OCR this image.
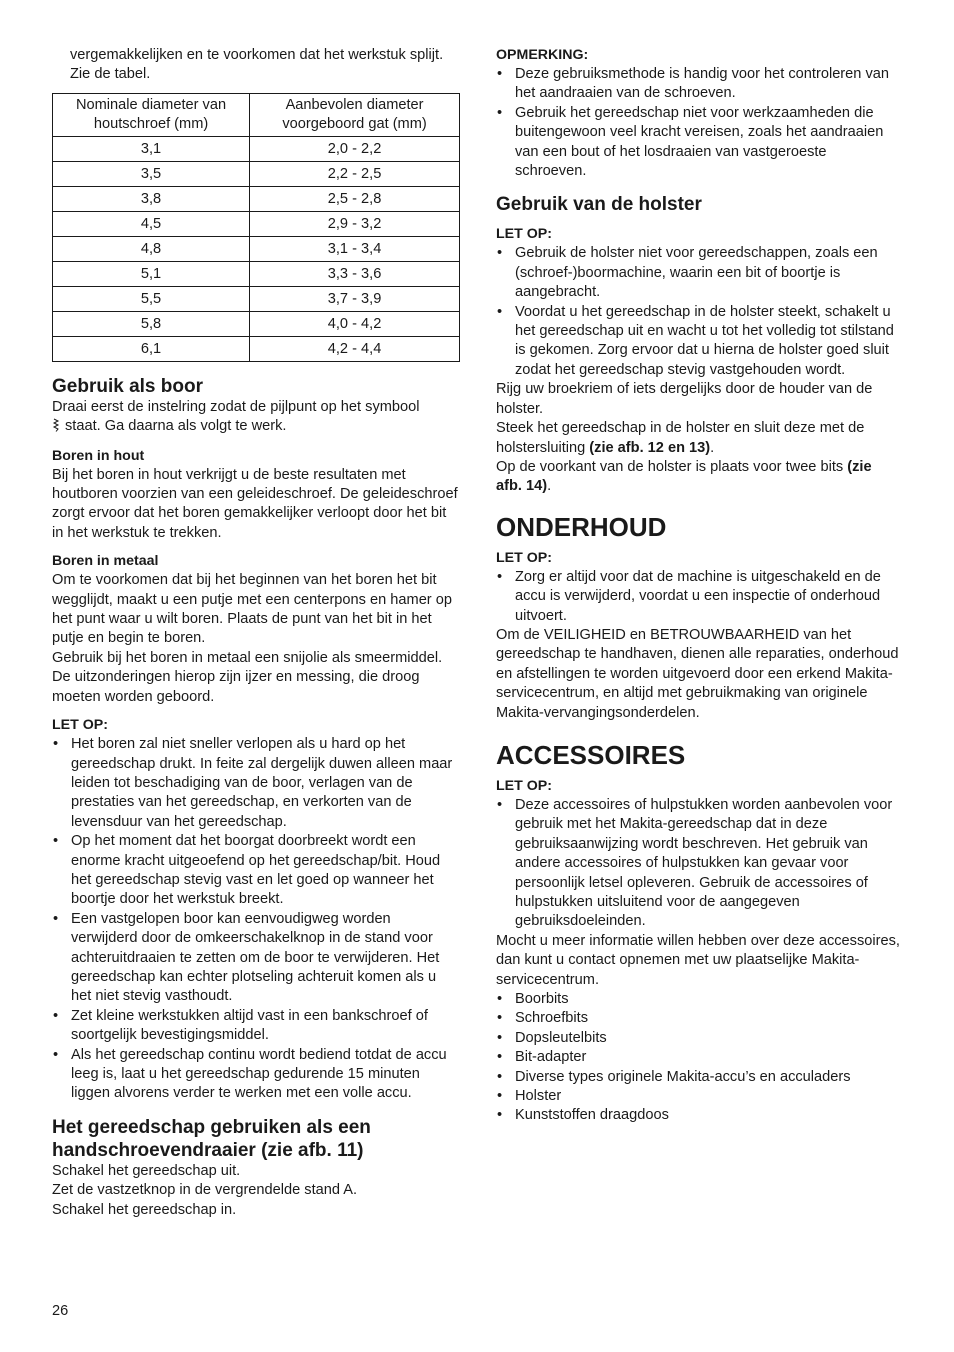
vergemakkelijken en te voorkomen dat het werkstuk splijt. Zie de tabel.

Nominale diameter van houtschroef (mm)	Aanbevolen diameter voorgeboord gat (mm)
3,1	2,0 - 2,2
3,5	2,2 - 2,5
3,8	2,5 - 2,8
4,5	2,9 - 3,2
4,8	3,1 - 3,4
5,1	3,3 - 3,6
5,5	3,7 - 3,9
5,8	4,0 - 4,2
6,1	4,2 - 4,4
Gebruik als boor

Draai eerst de instelring zodat de pijlpunt op het symbool
staat. Ga daarna als volgt te werk.

Boren in hout

Bij het boren in hout verkrijgt u de beste resultaten met houtboren voorzien van een geleideschroef. De geleideschroef zorgt ervoor dat het boren gemakkelijker verloopt door het bit in het werkstuk te trekken.

Boren in metaal

Om te voorkomen dat bij het beginnen van het boren het bit wegglijdt, maakt u een putje met een centerpons en hamer op het punt waar u wilt boren. Plaats de punt van het bit in het putje en begin te boren.

Gebruik bij het boren in metaal een snijolie als smeermiddel. De uitzonderingen hierop zijn ijzer en messing, die droog moeten worden geboord.

LET OP:
• Het boren zal niet sneller verlopen als u hard op het gereedschap drukt. In feite zal dergelijk duwen alleen maar leiden tot beschadiging van de boor, verlagen van de prestaties van het gereedschap, en verkorten van de levensduur van het gereedschap.
• Op het moment dat het boorgat doorbreekt wordt een enorme kracht uitgeoefend op het gereedschap/bit. Houd het gereedschap stevig vast en let goed op wanneer het boortje door het werkstuk breekt.
• Een vastgelopen boor kan eenvoudigweg worden verwijderd door de omkeerschakelknop in de stand voor achteruitdraaien te zetten om de boor te verwijderen. Het gereedschap kan echter plotseling achteruit komen als u het niet stevig vasthoudt.
• Zet kleine werkstukken altijd vast in een bankschroef of soortgelijk bevestigingsmiddel.
• Als het gereedschap continu wordt bediend totdat de accu leeg is, laat u het gereedschap gedurende 15 minuten liggen alvorens verder te werken met een volle accu.
Het gereedschap gebruiken als een handschroevendraaier (zie afb. 11)

Schakel het gereedschap uit.

Zet de vastzetknop in de vergrendelde stand A.

Schakel het gereedschap in.

OPMERKING:
• Deze gebruiksmethode is handig voor het controleren van het aandraaien van de schroeven.
• Gebruik het gereedschap niet voor werkzaamheden die buitengewoon veel kracht vereisen, zoals het aandraaien van een bout of het losdraaien van vastgeroeste schroeven.
Gebruik van de holster
LET OP:
• Gebruik de holster niet voor gereedschappen, zoals een (schroef-)boormachine, waarin een bit of boortje is aangebracht.
• Voordat u het gereedschap in de holster steekt, schakelt u het gereedschap uit en wacht u tot het volledig tot stilstand is gekomen. Zorg ervoor dat u hierna de holster goed sluit zodat het gereedschap stevig vastgehouden wordt.

Rijg uw broekriem of iets dergelijks door de houder van de holster.

Steek het gereedschap in de holster en sluit deze met de holstersluiting (zie afb. 12 en 13).

Op de voorkant van de holster is plaats voor twee bits (zie afb. 14).

ONDERHOUD
LET OP:
• Zorg er altijd voor dat de machine is uitgeschakeld en de accu is verwijderd, voordat u een inspectie of onderhoud uitvoert.

Om de VEILIGHEID en BETROUWBAARHEID van het gereedschap te handhaven, dienen alle reparaties, onderhoud en afstellingen te worden uitgevoerd door een erkend Makita-servicecentrum, en altijd met gebruikmaking van originele Makita-vervangingsonderdelen.

ACCESSOIRES
LET OP:
• Deze accessoires of hulpstukken worden aanbevolen voor gebruik met het Makita-gereedschap dat in deze gebruiksaanwijzing wordt beschreven. Het gebruik van andere accessoires of hulpstukken kan gevaar voor persoonlijk letsel opleveren. Gebruik de accessoires of hulpstukken uitsluitend voor de aangegeven gebruiksdoeleinden.

Mocht u meer informatie willen hebben over deze accessoires, dan kunt u contact opnemen met uw plaatselijke Makita-servicecentrum.

• Boorbits
• Schroefbits
• Dopsleutelbits
• Bit-adapter
• Diverse types originele Makita-accu’s en acculaders
• Holster
• Kunststoffen draagdoos
26
